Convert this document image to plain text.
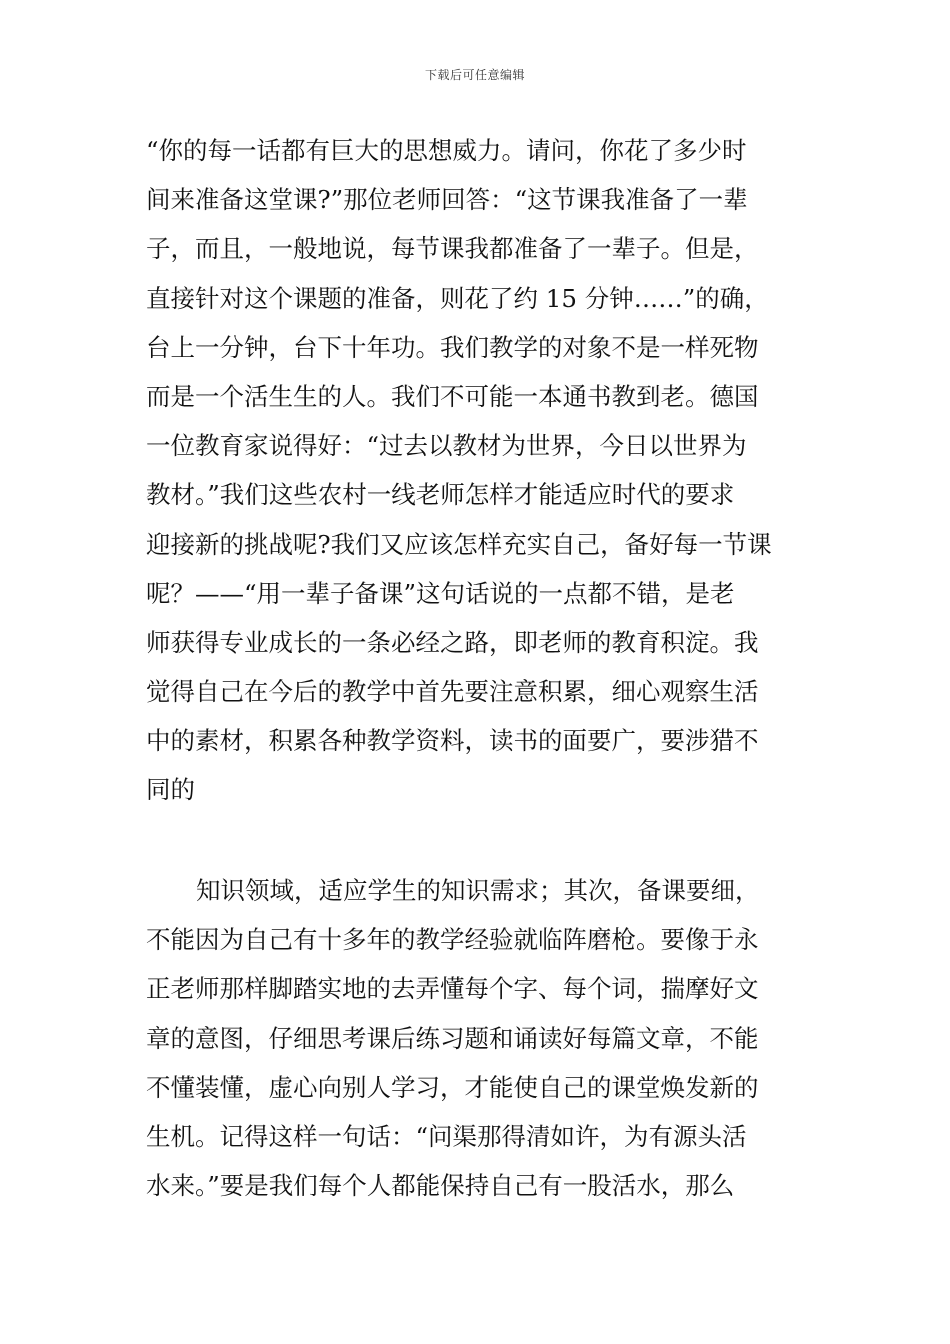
下载后可任意编辑
“你的每一话都有巨大的思想威力。请问，你花了多少时
间来准备这堂课?”那位老师回答：“这节课我准备了一辈
子，而且，一般地说，每节课我都准备了一辈子。但是，
直接针对这个课题的准备，则花了约 15 分钟……”的确，
台上一分钟，台下十年功。我们教学的对象不是一样死物
而是一个活生生的人。我们不可能一本通书教到老。德国
一位教育家说得好：“过去以教材为世界，今日以世界为
教材。”我们这些农村一线老师怎样才能适应时代的要求
迎接新的挑战呢?我们又应该怎样充实自己，备好每一节课
呢？——“用一辈子备课”这句话说的一点都不错，是老
师获得专业成长的一条必经之路，即老师的教育积淀。我
觉得自己在今后的教学中首先要注意积累，细心观察生活
中的素材，积累各种教学资料，读书的面要广，要涉猎不
同的
知识领域，适应学生的知识需求；其次，备课要细，
不能因为自己有十多年的教学经验就临阵磨枪。要像于永
正老师那样脚踏实地的去弄懂每个字、每个词，揣摩好文
章的意图，仔细思考课后练习题和诵读好每篇文章，不能
不懂装懂，虚心向别人学习，才能使自己的课堂焕发新的
生机。记得这样一句话：“问渠那得清如许，为有源头活
水来。”要是我们每个人都能保持自己有一股活水，那么
